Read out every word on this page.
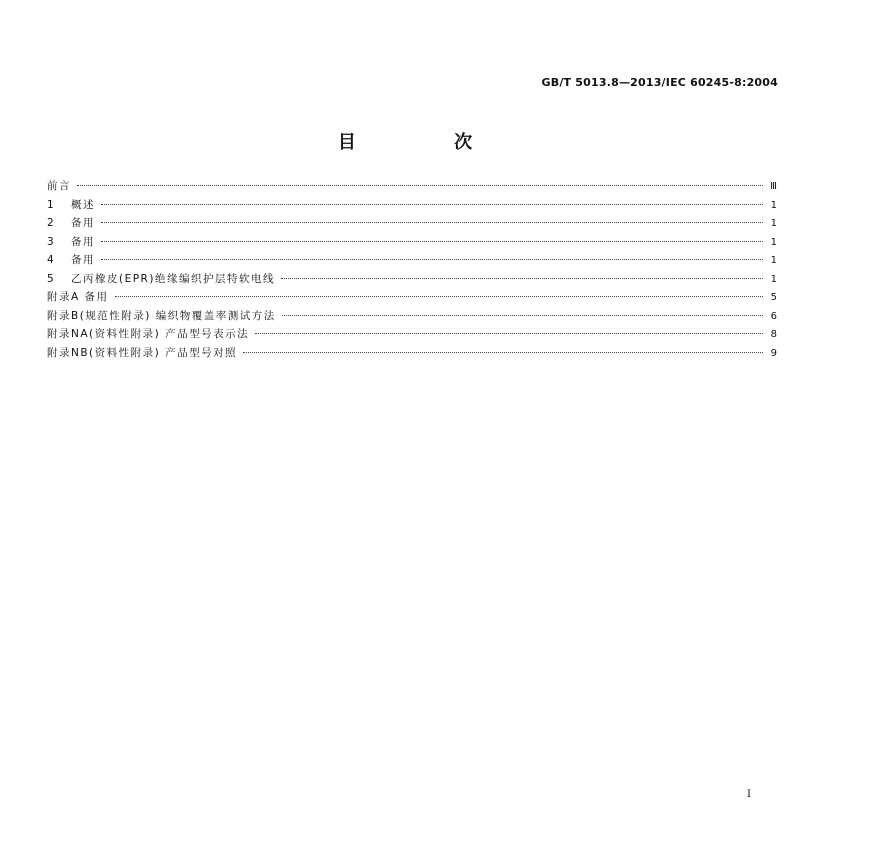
GB/T 5013.8—2013/IEC 60245-8:2004
目 次
前言	Ⅲ
1 概述	1
2 备用	1
3 备用	1
4 备用	1
5 乙丙橡皮(EPR)绝缘编织护层特软电线	1
附录A 备用	5
附录B(规范性附录) 编织物覆盖率测试方法	6
附录NA(资料性附录) 产品型号表示法	8
附录NB(资料性附录) 产品型号对照	9
I
